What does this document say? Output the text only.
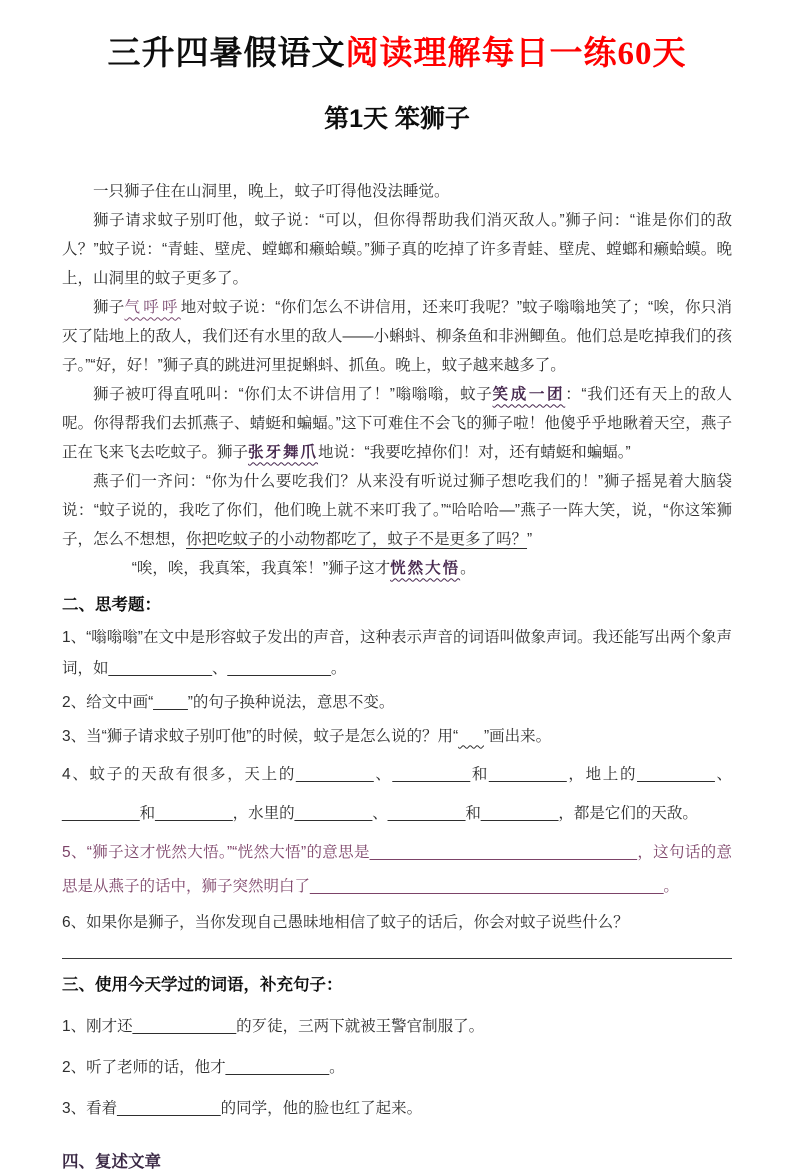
三升四暑假语文阅读理解每日一练60天
第1天 笨狮子

一只狮子住在山洞里，晚上，蚊子叮得他没法睡觉。

狮子请求蚊子别叮他，蚊子说：“可以，但你得帮助我们消灭敌人。”狮子问：“谁是你们的敌人？”蚊子说：“青蛙、壁虎、螳螂和癞蛤蟆。”狮子真的吃掉了许多青蛙、壁虎、螳螂和癞蛤蟆。晚上，山洞里的蚊子更多了。

狮子气呼呼地对蚊子说：“你们怎么不讲信用，还来叮我呢？”蚊子嗡嗡地笑了；“唉，你只消灭了陆地上的敌人，我们还有水里的敌人——小蝌蚪、柳条鱼和非洲鲫鱼。他们总是吃掉我们的孩子。”“好，好！”狮子真的跳进河里捉蝌蚪、抓鱼。晚上，蚊子越来越多了。

狮子被叮得直吼叫：“你们太不讲信用了！”嗡嗡嗡，蚊子笑成一团：“我们还有天上的敌人呢。你得帮我们去抓燕子、蜻蜓和蝙蝠。”这下可难住不会飞的狮子啦！他傻乎乎地瞅着天空，燕子正在飞来飞去吃蚊子。狮子张牙舞爪地说：“我要吃掉你们！对，还有蜻蜓和蝙蝠。”

燕子们一齐问：“你为什么要吃我们？从来没有听说过狮子想吃我们的！”狮子摇晃着大脑袋说：“蚊子说的，我吃了你们，他们晚上就不来叮我了。”“哈哈哈—”燕子一阵大笑，说，“你这笨狮子，怎么不想想，你把吃蚊子的小动物都吃了，蚊子不是更多了吗？”

“唉，唉，我真笨，我真笨！”狮子这才恍然大悟。

二、思考题：
1、“嗡嗡嗡”在文中是形容蚊子发出的声音，这种表示声音的词语叫做象声词。我还能写出两个象声词，如____________、____________。
2、给文中画“____”的句子换种说法，意思不变。
3、当“狮子请求蚊子别叮他”的时候，蚊子是怎么说的？用“ ”画出来。
4、蚊子的天敌有很多，天上的_________、_________和_________，地上的_________、_________和_________，水里的_________、_________和_________，都是它们的天敌。
5、“狮子这才恍然大悟。”“恍然大悟”的意思是_______________________________，这句话的意思是从燕子的话中，狮子突然明白了_________________________________________。
6、如果你是狮子，当你发现自己愚昧地相信了蚊子的话后，你会对蚊子说些什么？
三、使用今天学过的词语，补充句子：
1、刚才还____________的歹徒，三两下就被王警官制服了。
2、听了老师的话，他才____________。
3、看着____________的同学，他的脸也红了起来。
四、复述文章
